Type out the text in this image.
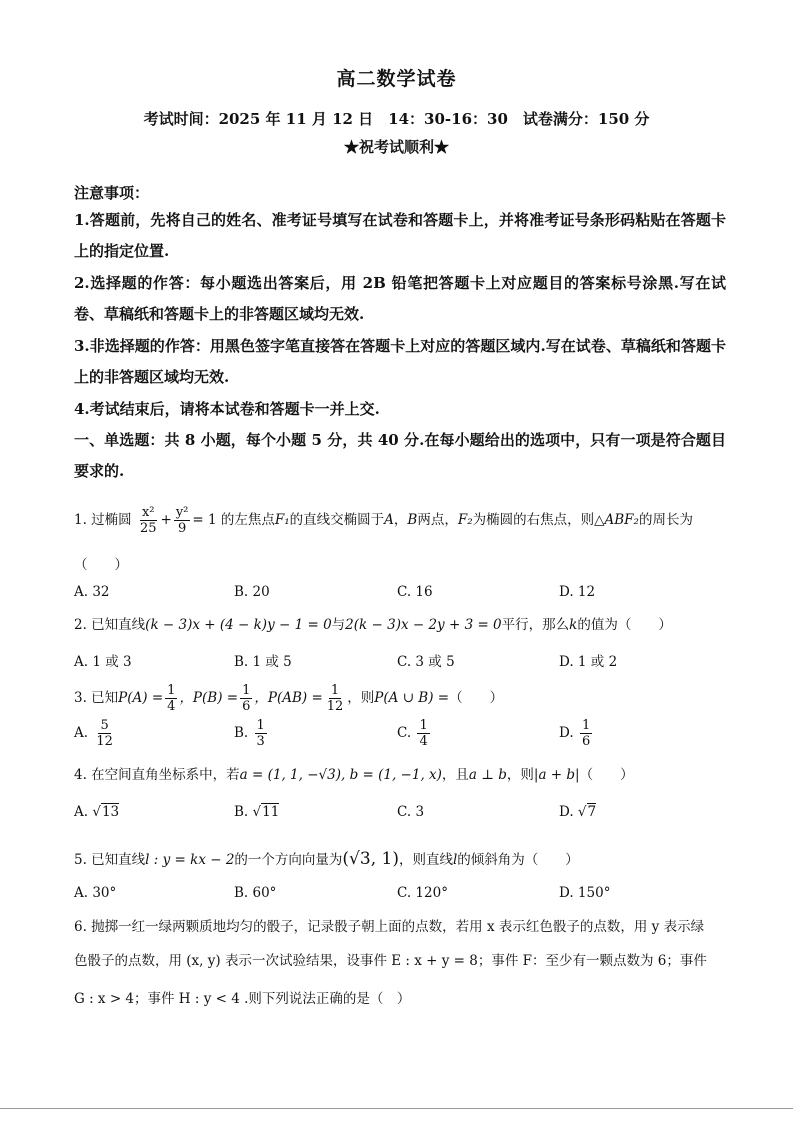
高二数学试卷
考试时间：2025 年 11 月 12 日　14：30-16：30　试卷满分：150 分
★祝考试顺利★
注意事项：
1.答题前，先将自己的姓名、准考证号填写在试卷和答题卡上，并将准考证号条形码粘贴在答题卡上的指定位置.
2.选择题的作答：每小题选出答案后，用 2B 铅笔把答题卡上对应题目的答案标号涂黑.写在试卷、草稿纸和答题卡上的非答题区域均无效.
3.非选择题的作答：用黑色签字笔直接答在答题卡上对应的答题区域内.写在试卷、草稿纸和答题卡上的非答题区域均无效.
4.考试结束后，请将本试卷和答题卡一并上交.
一、单选题：共 8 小题，每个小题 5 分，共 40 分.在每小题给出的选项中，只有一项是符合题目要求的.
1. 过椭圆 $\frac{\text{x²}}{25} + \frac{\text{y²}}{9} = 1$ 的左焦点F₁的直线交椭圆于A，B两点，F₂为椭圆的右焦点，则△ABF₂的周长为
（　　）
A. 32	B. 20	C. 16	D. 12
2. 已知直线(k − 3)x + (4 − k)y − 1 = 0与2(k − 3)x − 2y + 3 = 0平行，那么k的值为（　　）
A. 1 或 3	B. 1 或 5	C. 3 或 5	D. 1 或 2
3. 已知$P(A) = \frac{1}{4}$ ，$P(B) = \frac{1}{6}$ ，$P(AB) = \frac{1}{12}$ ，则P(A ∪ B) =（　　）
A. $\frac{5}{12}$	B. $\frac{1}{3}$	C. $\frac{1}{4}$	D. $\frac{1}{6}$
4. 在空间直角坐标系中，若a = (1, 1, −√3), b = (1, −1, x)，且a ⊥ b，则|a + b|（　　）
A. √13	B. √11	C. 3	D. √7
5. 已知直线l : y = kx − 2的一个方向向量为(√3, 1)，则直线l的倾斜角为（　　）
A. 30°	B. 60°	C. 120°	D. 150°
6. 抛掷一红一绿两颗质地均匀的骰子，记录骰子朝上面的点数，若用 x 表示红色骰子的点数，用 y 表示绿
色骰子的点数，用 (x, y) 表示一次试验结果，设事件 E : x + y = 8；事件 F：至少有一颗点数为 6；事件
G : x > 4；事件 H : y < 4 .则下列说法正确的是（　）
